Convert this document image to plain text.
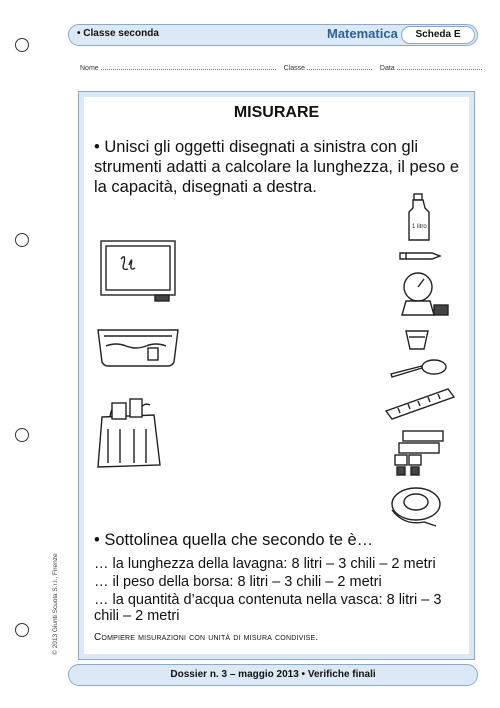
• Classe seconda	Matematica	Scheda E
Nome	Classe	Data
MISURARE
• Unisci gli oggetti disegnati a sinistra con gli strumenti adatti a calcolare la lunghezza, il peso e la capacità, disegnati a destra.
1 litro
• Sottolinea quella che secondo te è…
… la lunghezza della lavagna: 8 litri – 3 chili – 2 metri
… il peso della borsa: 8 litri – 3 chili – 2 metri
… la quantità d’acqua contenuta nella vasca: 8 litri – 3 chili – 2 metri
Compiere misurazioni con unità di misura condivise.
© 2013 Giunti Scuola S.r.l., Firenze
Dossier n. 3 – maggio 2013 • Verifiche finali
